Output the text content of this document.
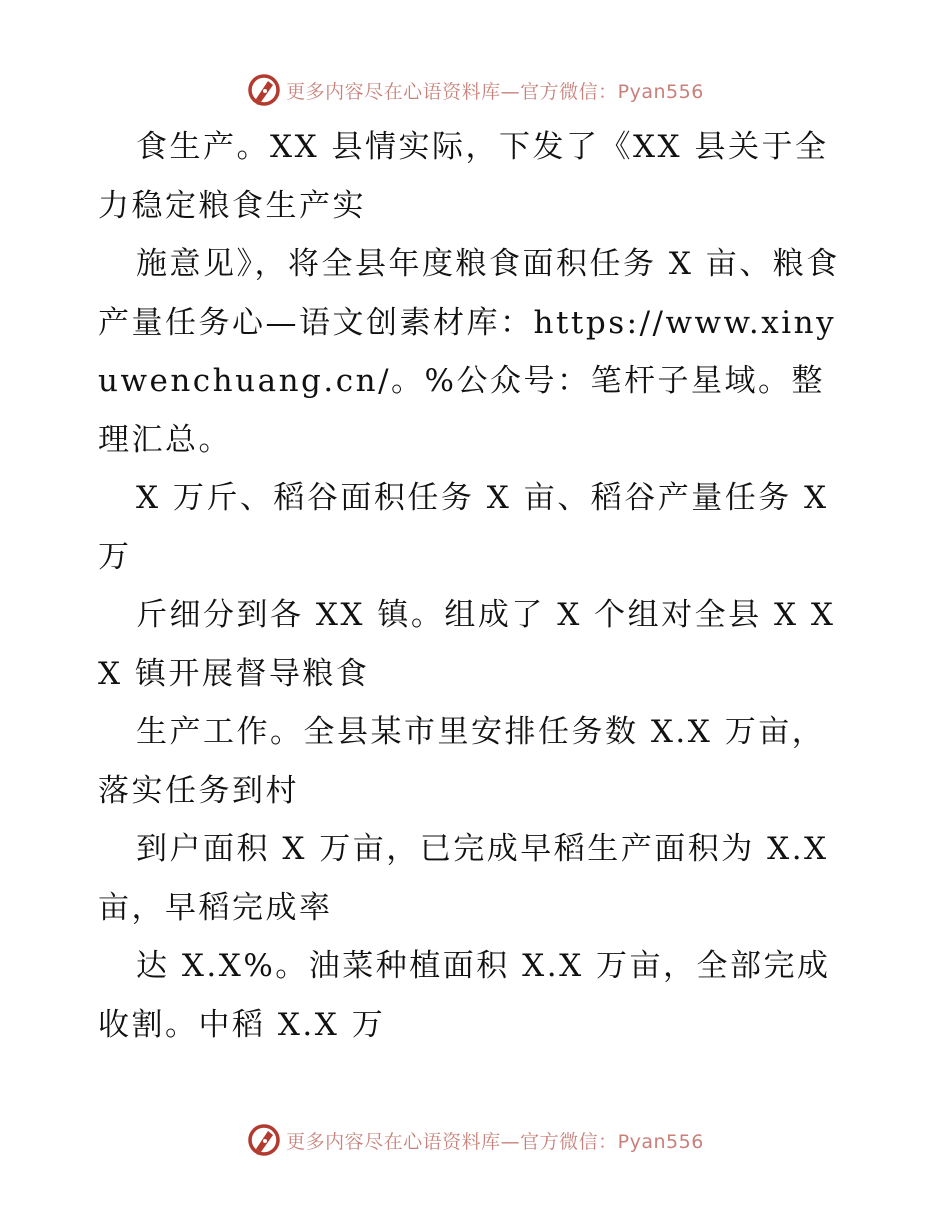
更多内容尽在心语资料库—官方微信：Pyan556

食生产。XX 县情实际，下发了《XX 县关于全力稳定粮食生产实

施意见》，将全县年度粮食面积任务 X 亩、粮食产量任务心—语文创素材库：https://www.xinyuwenchuang.cn/。%公众号：笔杆子星域。整理汇总。

X 万斤、稻谷面积任务 X 亩、稻谷产量任务 X 万

斤细分到各 XX 镇。组成了 X 个组对全县 X XX 镇开展督导粮食

生产工作。全县某市里安排任务数 X.X 万亩，落实任务到村

到户面积 X 万亩，已完成早稻生产面积为 X.X 亩，早稻完成率

达 X.X%。油菜种植面积 X.X 万亩，全部完成收割。中稻 X.X 万

更多内容尽在心语资料库—官方微信：Pyan556
